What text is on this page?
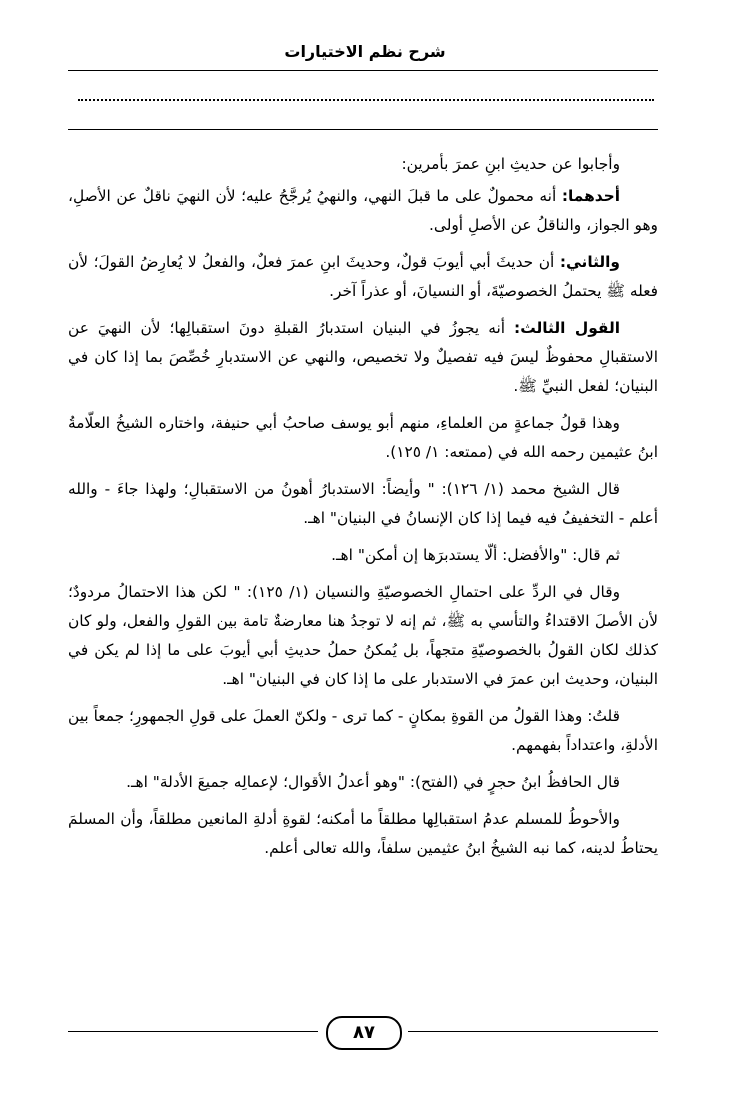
شرح نظم الاختيارات

وأجابوا عن حديثِ ابنِ عمرَ بأمرين:

أحدهما: أنه محمولٌ على ما قبلَ النهي، والنهيُ يُرجَّحُ عليه؛ لأن النهيَ ناقلٌ عن الأصلِ، وهو الجواز، والناقلُ عن الأصلِ أولى.

والثاني: أن حديثَ أبي أيوبَ قولٌ، وحديثَ ابنِ عمرَ فعلٌ، والفعلُ لا يُعارِضُ القولَ؛ لأن فعله ﷺ يحتملُ الخصوصيّةَ، أو النسيانَ، أو عذراً آخر.

القول الثالث: أنه يجوزُ في البنيان استدبارُ القبلةِ دونَ استقبالِها؛ لأن النهيَ عن الاستقبالِ محفوظٌ ليسَ فيه تفصيلٌ ولا تخصيص، والنهي عن الاستدبارِ خُصِّصَ بما إذا كان في البنيان؛ لفعل النبيِّ ﷺ.

وهذا قولُ جماعةٍ من العلماءِ، منهم أبو يوسف صاحبُ أبي حنيفة، واختاره الشيخُ العلّامةُ ابنُ عثيمين رحمه الله في (ممتعه: ١/ ١٢٥).

قال الشيخ محمد (١/ ١٢٦): " وأيضاً: الاستدبارُ أهونُ من الاستقبالِ؛ ولهذا جاءَ - والله أعلم - التخفيفُ فيه فيما إذا كان الإنسانُ في البنيان" اهـ.

ثم قال: "والأفضل: ألّا يستدبرَها إن أمكن" اهـ.

وقال في الردِّ على احتمالِ الخصوصيّةِ والنسيان (١/ ١٢٥): " لكن هذا الاحتمالُ مردودٌ؛ لأن الأصلَ الاقتداءُ والتأسي به ﷺ، ثم إنه لا توجدُ هنا معارضةٌ تامة بين القولِ والفعل، ولو كان كذلك لكان القولُ بالخصوصيّةِ متجهاً، بل يُمكنُ حملُ حديثِ أبي أيوبَ على ما إذا لم يكن في البنيان، وحديث ابن عمرَ في الاستدبار على ما إذا كان في البنيان" اهـ.

قلتُ: وهذا القولُ من القوةِ بمكانٍ - كما ترى - ولكنّ العملَ على قولِ الجمهورِ؛ جمعاً بين الأدلةِ، واعتداداً بفهمهم.

قال الحافظُ ابنُ حجرٍ في (الفتح): "وهو أعدلُ الأقوال؛ لإعمالِه جميعَ الأدلة" اهـ.

والأحوطُ للمسلم عدمُ استقبالِها مطلقاً ما أمكنه؛ لقوةِ أدلةِ المانعين مطلقاً، وأن المسلمَ يحتاطُ لدينه، كما نبه الشيخُ ابنُ عثيمين سلفاً، والله تعالى أعلم.

٨٧
